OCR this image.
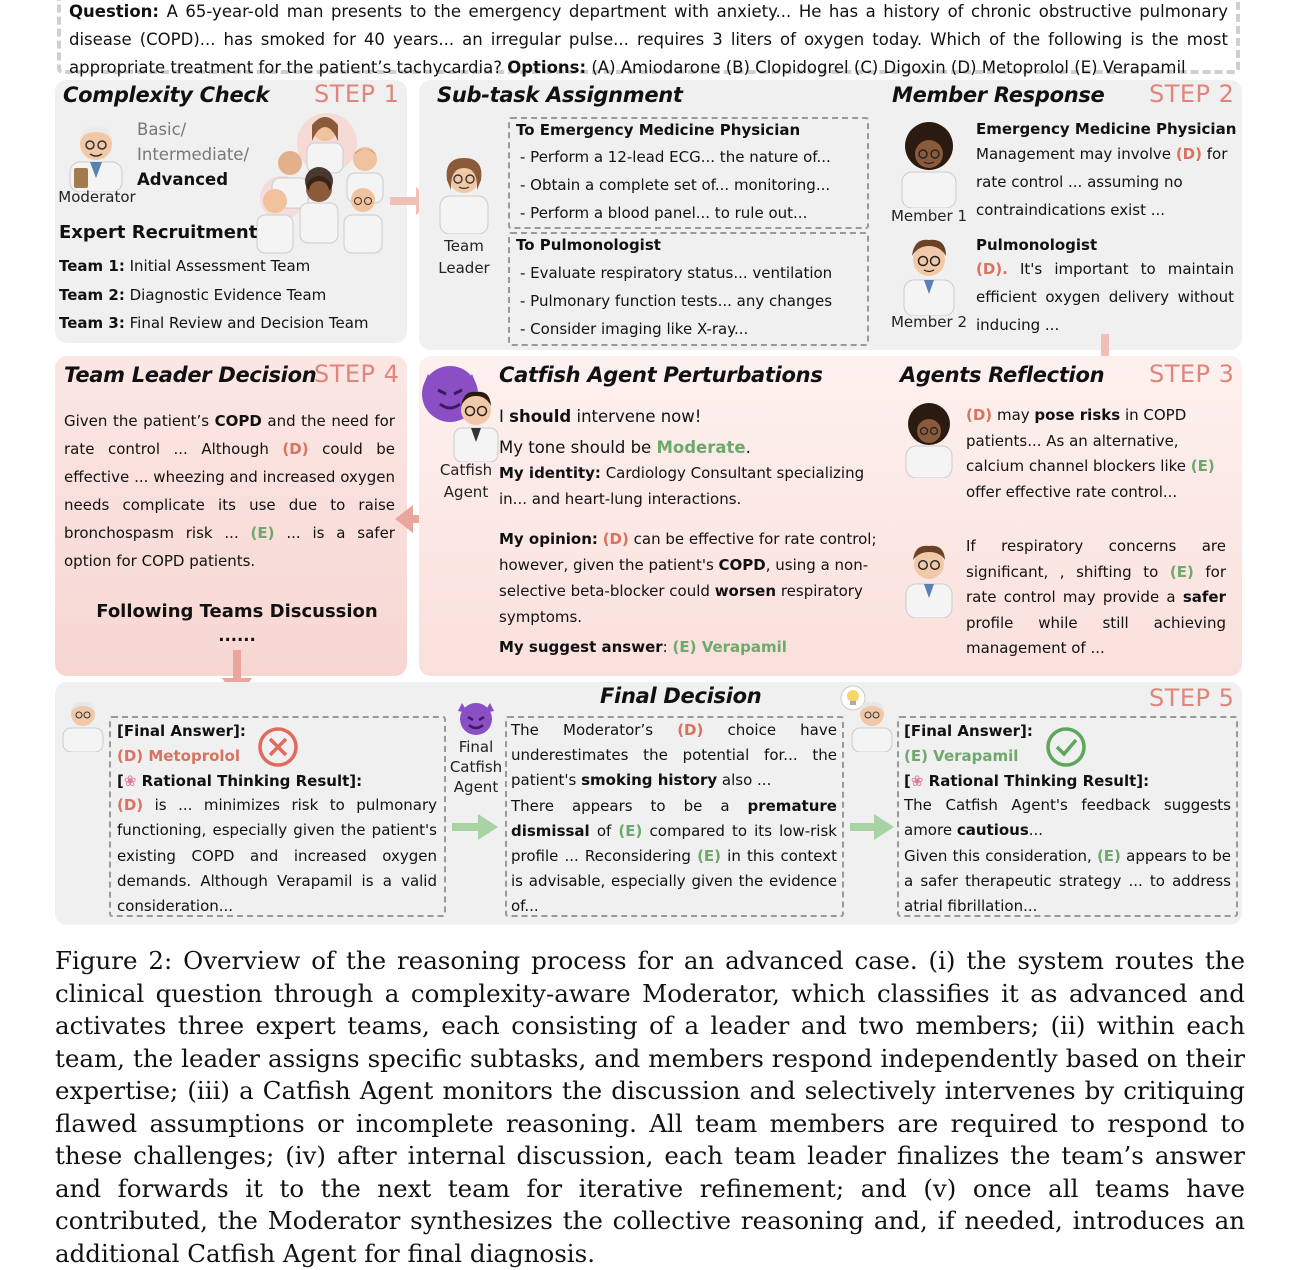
Question: A 65-year-old man presents to the emergency department with anxiety... He has a history of chronic obstructive pulmonary disease (COPD)... has smoked for 40 years... an irregular pulse... requires 3 liters of oxygen today. Which of the following is the most appropriate treatment for the patient’s tachycardia? Options: (A) Amiodarone (B) Clopidogrel (C) Digoxin (D) Metoprolol (E) Verapamil
Complexity Check STEP 1
Moderator
Basic/
Intermediate/
Advanced
Expert Recruitment
Team 1: Initial Assessment Team
Team 2: Diagnostic Evidence Team
Team 3: Final Review and Decision Team
Sub-task Assignment
Team
Leader
To Emergency Medicine Physician
- Perform a 12-lead ECG... the nature of...
- Obtain a complete set of... monitoring...
- Perform a blood panel... to rule out...
To Pulmonologist
- Evaluate respiratory status... ventilation
- Pulmonary function tests... any changes
- Consider imaging like X-ray...
Member Response STEP 2
Member 1
Emergency Medicine Physician
Management may involve (D) for rate control ... assuming no contraindications exist ...
Member 2
Pulmonologist
(D). It's important to maintain efficient oxygen delivery without inducing ...
Team Leader Decision
STEP 4
Given the patient’s COPD and the need for rate control ... Although (D) could be effective ... wheezing and increased oxygen needs complicate its use due to raise bronchospasm risk ... (E) ... is a safer option for COPD patients.
Following Teams Discussion
......
Catfish
Agent
Catfish Agent Perturbations
I should intervene now!
My tone should be Moderate.
My identity: Cardiology Consultant specializing in... and heart-lung interactions.
My opinion: (D) can be effective for rate control; however, given the patient's COPD, using a non-selective beta-blocker could worsen respiratory symptoms.
My suggest answer: (E) Verapamil
Agents Reflection STEP 3
(D) may pose risks in COPD patients... As an alternative, calcium channel blockers like (E) offer effective rate control...
If respiratory concerns are significant, , shifting to (E) for rate control may provide a safer profile while still achieving management of ...
Final Decision	STEP 5
[Final Answer]:
(D) Metoprolol
[❀ Rational Thinking Result]:
(D) is ... minimizes risk to pulmonary functioning, especially given the patient's existing COPD and increased oxygen demands. Although Verapamil is a valid consideration...
Final
Catfish
Agent
The Moderator’s (D) choice have underestimates the potential for... the patient's smoking history also ...
There appears to be a premature dismissal of (E) compared to its low-risk profile ... Reconsidering (E) in this context is advisable, especially given the evidence of...
[Final Answer]:
(E) Verapamil
[❀ Rational Thinking Result]:
The Catfish Agent's feedback suggests amore cautious...
Given this consideration, (E) appears to be a safer therapeutic strategy ... to address atrial fibrillation...
Figure 2: Overview of the reasoning process for an advanced case. (i) the system routes the clinical question through a complexity-aware Moderator, which classifies it as advanced and activates three expert teams, each consisting of a leader and two members; (ii) within each team, the leader assigns specific subtasks, and members respond independently based on their expertise; (iii) a Catfish Agent monitors the discussion and selectively intervenes by critiquing flawed assumptions or incomplete reasoning. All team members are required to respond to these challenges; (iv) after internal discussion, each team leader finalizes the team’s answer and forwards it to the next team for iterative refinement; and (v) once all teams have contributed, the Moderator synthesizes the collective reasoning and, if needed, introduces an additional Catfish Agent for final diagnosis.
